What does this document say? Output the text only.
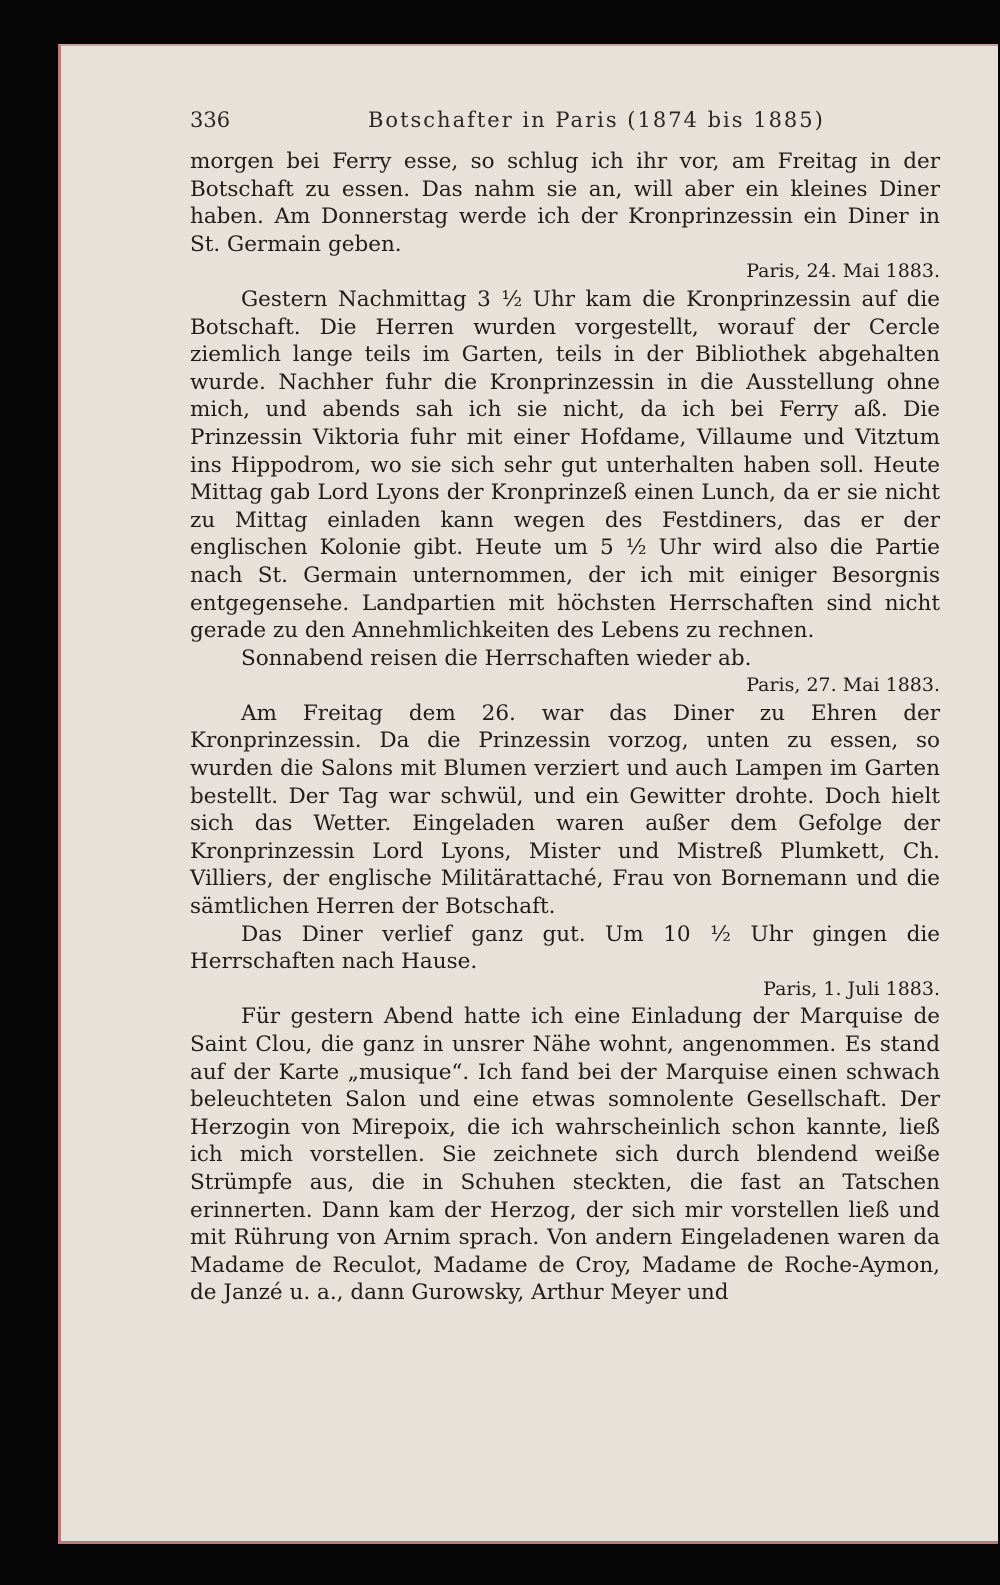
336	Botschafter in Paris (1874 bis 1885)

morgen bei Ferry esse, so schlug ich ihr vor, am Freitag in der Botschaft zu essen. Das nahm sie an, will aber ein kleines Diner haben. Am Donnerstag werde ich der Kronprinzessin ein Diner in St. Germain geben.

Paris, 24. Mai 1883.

Gestern Nachmittag 3 ½ Uhr kam die Kronprinzessin auf die Botschaft. Die Herren wurden vorgestellt, worauf der Cercle ziemlich lange teils im Garten, teils in der Bibliothek abgehalten wurde. Nachher fuhr die Kronprinzessin in die Ausstellung ohne mich, und abends sah ich sie nicht, da ich bei Ferry aß. Die Prinzessin Viktoria fuhr mit einer Hofdame, Villaume und Vitztum ins Hippodrom, wo sie sich sehr gut unterhalten haben soll. Heute Mittag gab Lord Lyons der Kronprinzeß einen Lunch, da er sie nicht zu Mittag einladen kann wegen des Festdiners, das er der englischen Kolonie gibt. Heute um 5 ½ Uhr wird also die Partie nach St. Germain unternommen, der ich mit einiger Besorgnis entgegensehe. Landpartien mit höchsten Herrschaften sind nicht gerade zu den Annehmlichkeiten des Lebens zu rechnen.

Sonnabend reisen die Herrschaften wieder ab.

Paris, 27. Mai 1883.

Am Freitag dem 26. war das Diner zu Ehren der Kronprinzessin. Da die Prinzessin vorzog, unten zu essen, so wurden die Salons mit Blumen verziert und auch Lampen im Garten bestellt. Der Tag war schwül, und ein Gewitter drohte. Doch hielt sich das Wetter. Eingeladen waren außer dem Gefolge der Kronprinzessin Lord Lyons, Mister und Mistreß Plumkett, Ch. Villiers, der englische Militärattaché, Frau von Bornemann und die sämtlichen Herren der Botschaft.

Das Diner verlief ganz gut. Um 10 ½ Uhr gingen die Herrschaften nach Hause.

Paris, 1. Juli 1883.

Für gestern Abend hatte ich eine Einladung der Marquise de Saint Clou, die ganz in unsrer Nähe wohnt, angenommen. Es stand auf der Karte „musique“. Ich fand bei der Marquise einen schwach beleuchteten Salon und eine etwas somnolente Gesellschaft. Der Herzogin von Mirepoix, die ich wahrscheinlich schon kannte, ließ ich mich vorstellen. Sie zeichnete sich durch blendend weiße Strümpfe aus, die in Schuhen steckten, die fast an Tatschen erinnerten. Dann kam der Herzog, der sich mir vorstellen ließ und mit Rührung von Arnim sprach. Von andern Eingeladenen waren da Madame de Reculot, Madame de Croy, Madame de Roche-Aymon, de Janzé u. a., dann Gurowsky, Arthur Meyer und
